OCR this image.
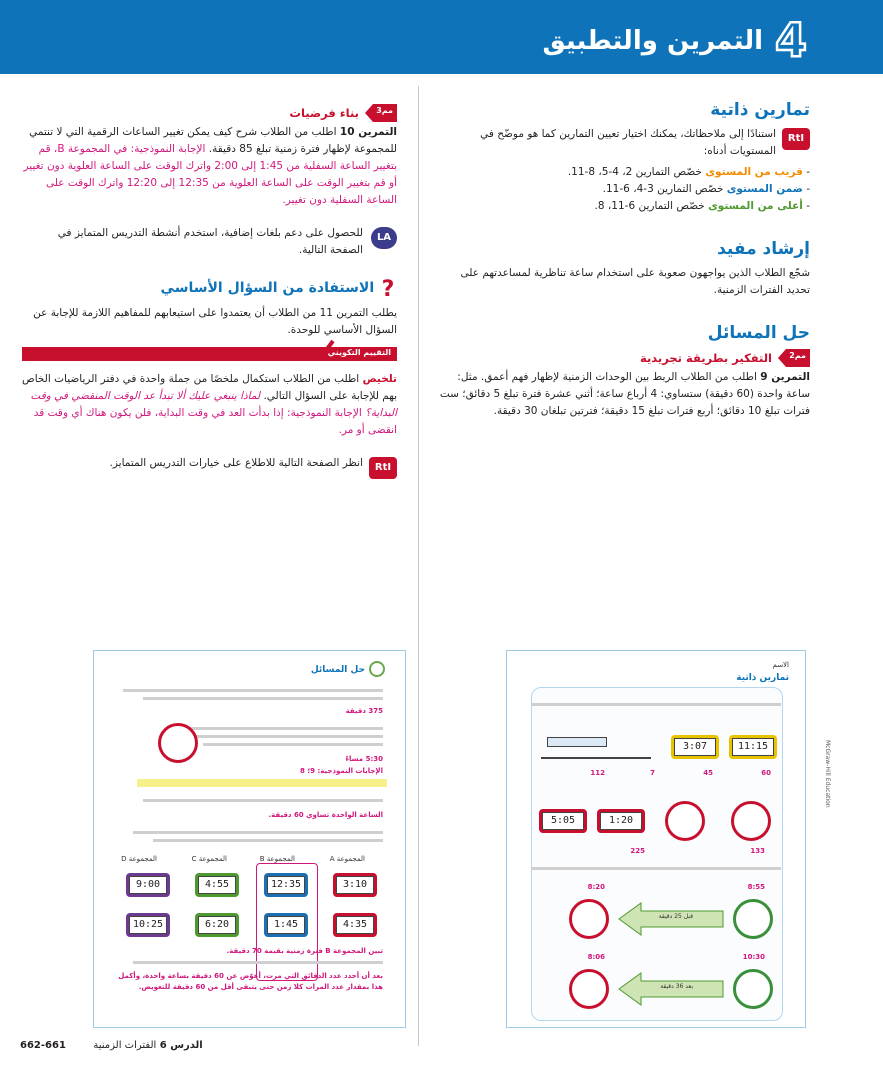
4
التمرين والتطبيق
تمارين ذاتية
RtI
استنادًا إلى ملاحظاتك، يمكنك اختيار تعيين التمارين كما هو موضّح في المستويات أدناه:
- قريب من المستوى خصّص التمارين 2، 4-5، 8-11.
- ضمن المستوى خصّص التمارين 3-4، 6-11.
- أعلى من المستوى خصّص التمارين 6-11، 8.
إرشاد مفيد
شجّع الطلاب الذين يواجهون صعوبة على استخدام ساعة تناظرية لمساعدتهم على تحديد الفترات الزمنية.
حل المسائل
مم2
التفكير بطريقة تجريدية
التمرين 9 اطلب من الطلاب الربط بين الوحدات الزمنية لإظهار فهم أعمق. مثل: ساعة واحدة (60 دقيقة) ستساوي: 4 أرباع ساعة؛ أثني عشرة فترة تبلغ 5 دقائق؛ ست فترات تبلغ 10 دقائق؛ أربع فترات تبلغ 15 دقيقة؛ فترتين تبلغان 30 دقيقة.
مم3
بناء فرضيات
التمرين 10 اطلب من الطلاب شرح كيف يمكن تغيير الساعات الرقمية التي لا تنتمي للمجموعة لإظهار فترة زمنية تبلغ 85 دقيقة. الإجابة النموذجية: في المجموعة B، قم بتغيير الساعة السفلية من 1:45 إلى 2:00 واترك الوقت على الساعة العلوية دون تغيير أو قم بتغيير الوقت على الساعة العلوية من 12:35 إلى 12:20 واترك الوقت على الساعة السفلية دون تغيير.
LA
للحصول على دعم بلغات إضافية، استخدم أنشطة التدريس المتمايز في الصفحة التالية.
?
الاستفادة من السؤال الأساسي
يطلب التمرين 11 من الطلاب أن يعتمدوا على استيعابهم للمفاهيم اللازمة للإجابة عن السؤال الأساسي للوحدة.
التقييم التكويني
تلخيص اطلب من الطلاب استكمال ملخصًا من جملة واحدة في دفتر الرياضيات الخاص بهم للإجابة على السؤال التالي. لماذا ينبغي عليك ألا تبدأ عد الوقت المنقضي في وقت البداية؟ الإجابة النموذجية: إذا بدأت العد في وقت البداية، فلن يكون هناك أي وقت قد انقضى أو مر.
RtI
انظر الصفحة التالية للاطلاع على خيارات التدريس المتمايز.
حل المسائل
375 دقيقة
5:30 مساءً
الإجابات النموذجية: 9؛ 8
الساعة الواحدة تساوي 60 دقيقة.
المجموعة A
المجموعة B
المجموعة C
المجموعة D
3:10
12:35
4:55
9:00
4:35
1:45
6:20
10:25
تبين المجموعة B فترة زمنية بقيمة 70 دقيقة.
بعد أن أحدد عدد الدقائق التي مرت، أعوّض عن 60 دقيقة بساعة واحدة، وأكمل هذا بمقدار عدد المرات كلا زمن حتى يتبقى أقل من 60 دقيقة للتعويض.
الاسم
تمارين ذاتية
11:15
3:07
60
45
7
112
1:20
5:05
133
225
8:55
8:20
قبل 25 دقيقة
10:30
8:06
بعد 36 دقيقة
McGraw-Hill Education
الدرس 6 الفترات الزمنية 661-662
